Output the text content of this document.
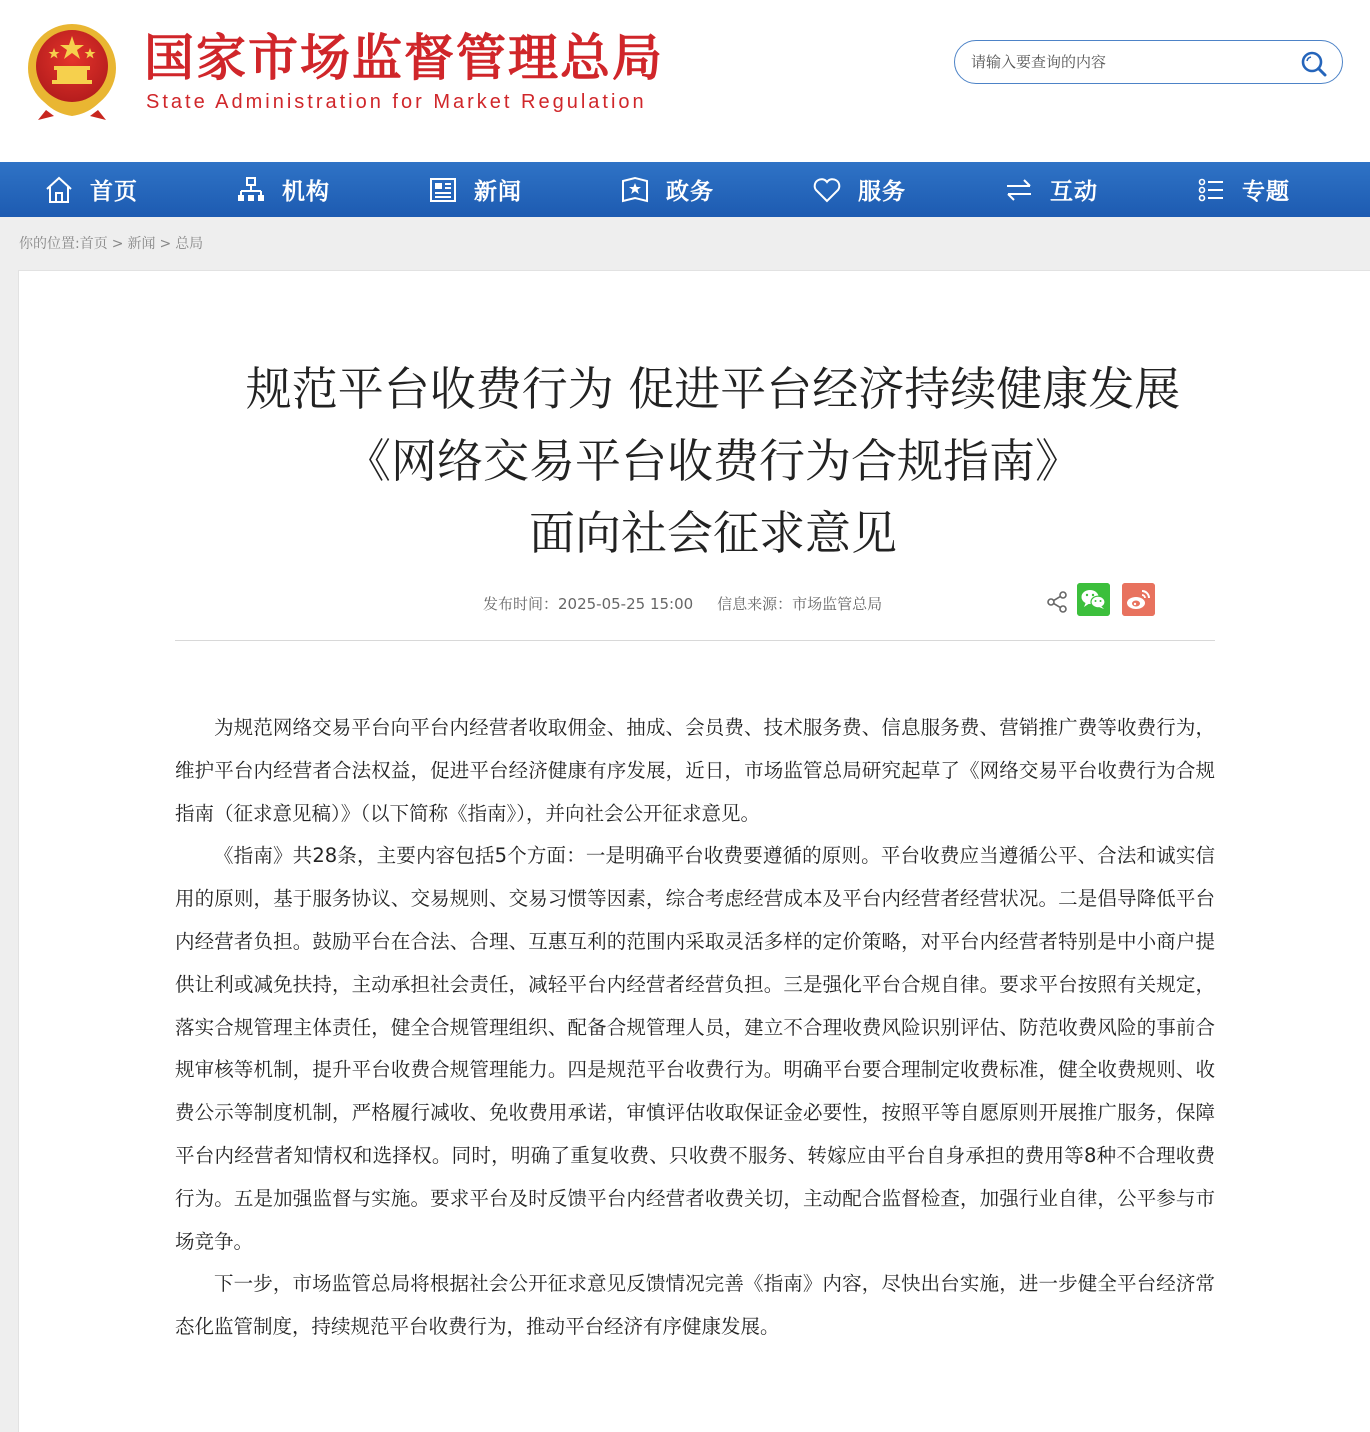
国家市场监督管理总局
State Administration for Market Regulation
请输入要查询的内容
首页	机构	新闻	政务	服务	互动	专题
你的位置:首页 > 新闻 > 总局
规范平台收费行为 促进平台经济持续健康发展
《网络交易平台收费行为合规指南》
面向社会征求意见
发布时间：2025-05-25 15:00 信息来源：市场监管总局

为规范网络交易平台向平台内经营者收取佣金、抽成、会员费、技术服务费、信息服务费、营销推广费等收费行为，维护平台内经营者合法权益，促进平台经济健康有序发展，近日，市场监管总局研究起草了《网络交易平台收费行为合规指南（征求意见稿）》（以下简称《指南》），并向社会公开征求意见。

《指南》共28条，主要内容包括5个方面：一是明确平台收费要遵循的原则。平台收费应当遵循公平、合法和诚实信用的原则，基于服务协议、交易规则、交易习惯等因素，综合考虑经营成本及平台内经营者经营状况。二是倡导降低平台内经营者负担。鼓励平台在合法、合理、互惠互利的范围内采取灵活多样的定价策略，对平台内经营者特别是中小商户提供让利或减免扶持，主动承担社会责任，减轻平台内经营者经营负担。三是强化平台合规自律。要求平台按照有关规定，落实合规管理主体责任，健全合规管理组织、配备合规管理人员，建立不合理收费风险识别评估、防范收费风险的事前合规审核等机制，提升平台收费合规管理能力。四是规范平台收费行为。明确平台要合理制定收费标准，健全收费规则、收费公示等制度机制，严格履行减收、免收费用承诺，审慎评估收取保证金必要性，按照平等自愿原则开展推广服务，保障平台内经营者知情权和选择权。同时，明确了重复收费、只收费不服务、转嫁应由平台自身承担的费用等8种不合理收费行为。五是加强监督与实施。要求平台及时反馈平台内经营者收费关切，主动配合监督检查，加强行业自律，公平参与市场竞争。

下一步，市场监管总局将根据社会公开征求意见反馈情况完善《指南》内容，尽快出台实施，进一步健全平台经济常态化监管制度，持续规范平台收费行为，推动平台经济有序健康发展。
